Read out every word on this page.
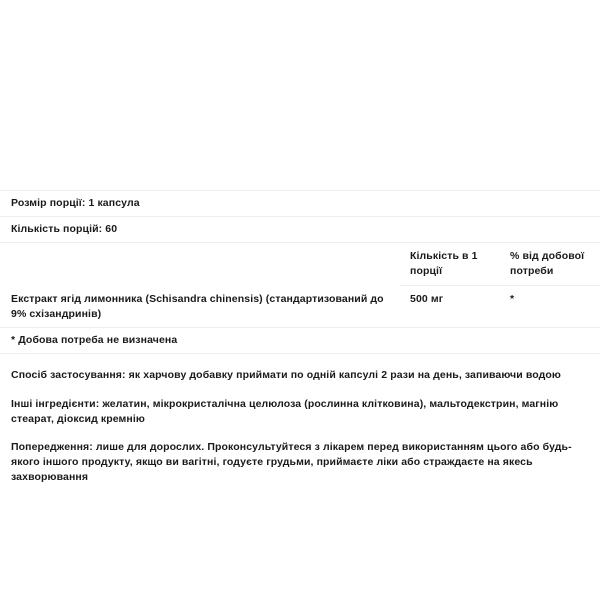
Розмір порції: 1 капсула		
Кількість порцій: 60		
	Кількість в 1 порції	% від добової потреби
Екстракт ягід лимонника (Schisandra chinensis) (стандартизований до 9% схізандринів)	500 мг	*
* Добова потреба не визначена		

Спосіб застосування: як харчову добавку приймати по одній капсулі 2 рази на день, запиваючи водою

Інші інгредієнти: желатин, мікрокристалічна целюлоза (рослинна клітковина), мальтодекстрин, магнію стеарат, діоксид кремнію

Попередження: лише для дорослих. Проконсультуйтеся з лікарем перед використанням цього або будь-якого іншого продукту, якщо ви вагітні, годуєте грудьми, приймаєте ліки або страждаєте на якесь захворювання
